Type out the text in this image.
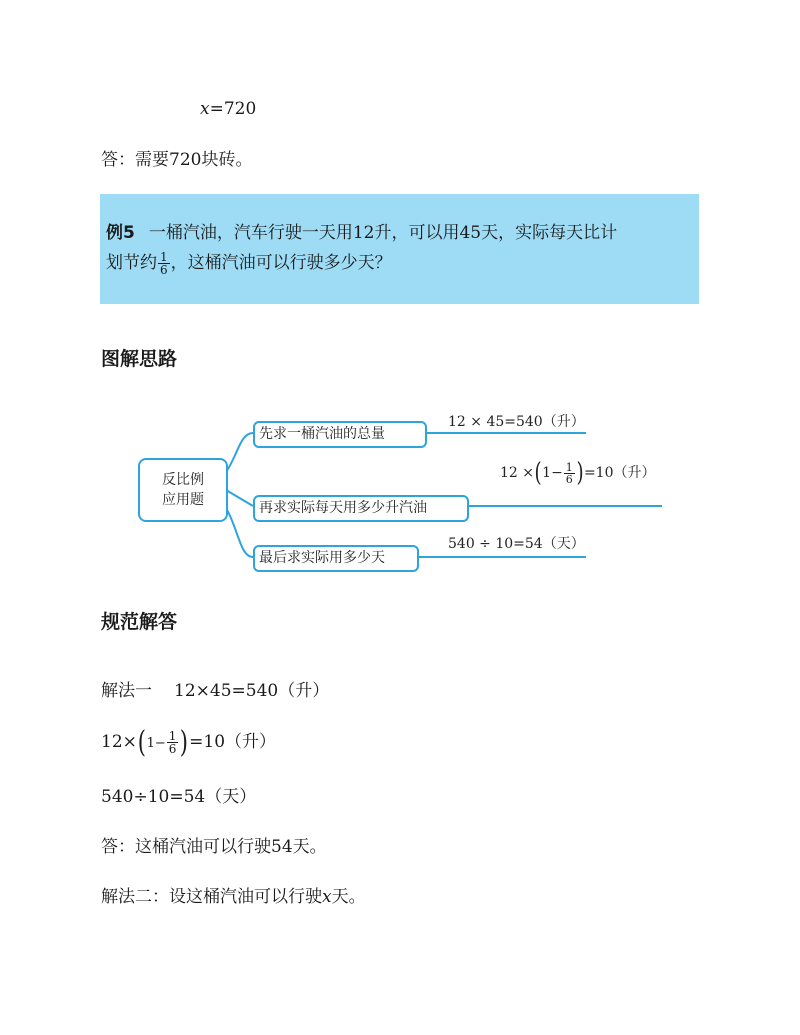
x=720
答：需要720块砖。
例5 一桶汽油，汽车行驶一天用12升，可以用45天，实际每天比计
划节约 $\frac{1}{6}$ ，这桶汽油可以行驶多少天？
图解思路
反比例
应用题
先求一桶汽油的总量
再求实际每天用多少升汽油
最后求实际用多少天
12 × 45=540（升）
$12 \times(1- \frac{1}{6} )=10$（升）
540 ÷ 10=54（天）
规范解答
解法一 12×45=540（升）
$12\times(1- \frac{1}{6} )=10$（升）
540÷10=54（天）
答：这桶汽油可以行驶54天。
解法二：设这桶汽油可以行驶x天。
